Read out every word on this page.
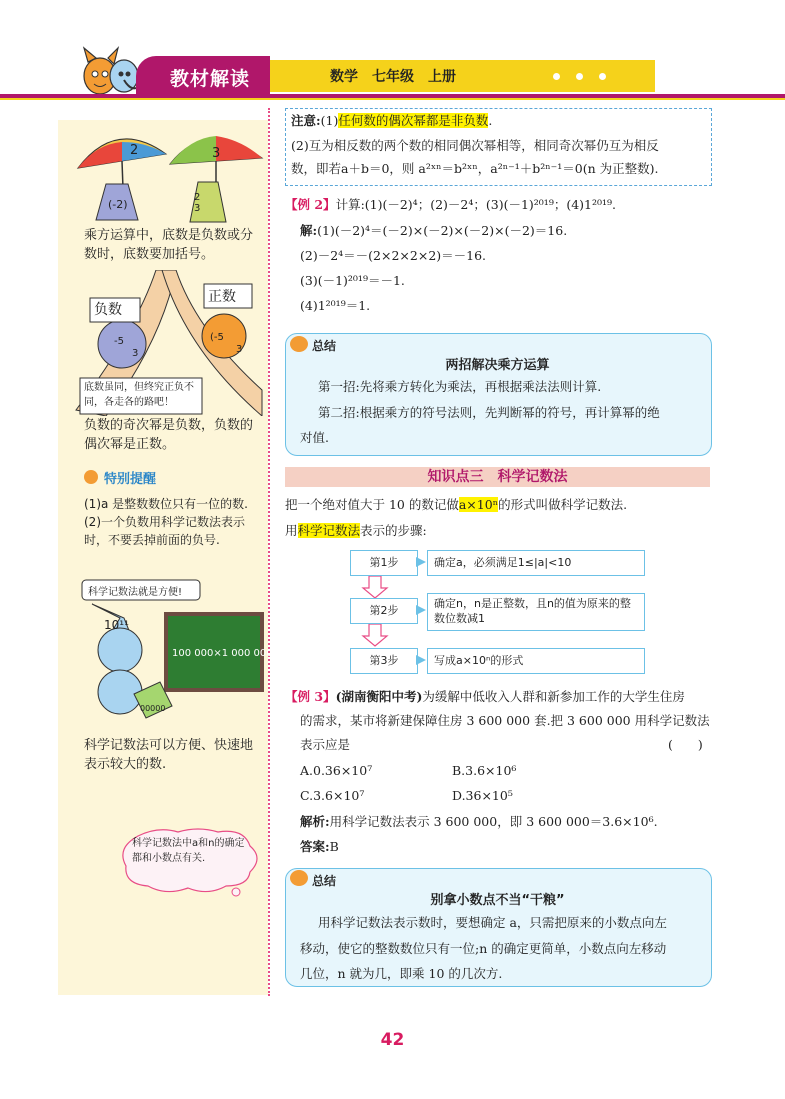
教材解读	数学　七年级　上册
2	3
(-2)
2
3
乘方运算中，底数是负数或分数时，底数要加括号。
负数
正数
-5
3
(-5
3
底数虽同，但终究正负不同，各走各的路吧！
负数的奇次幂是负数，负数的偶次幂是正数。
特别提醒
(1)a 是整数数位只有一位的数.
(2)一个负数用科学记数法表示时，不要丢掉前面的负号.
科学记数法就是方便!
10¹¹
100 000×1 000 000
00000
科学记数法可以方便、快速地表示较大的数.
科学记数法中a和n的确定都和小数点有关.
注意:(1)任何数的偶次幂都是非负数.
(2)互为相反数的两个数的相同偶次幂相等，相同奇次幂仍互为相反
数，即若a＋b＝0，则 a²ˣⁿ＝b²ˣⁿ，a²ⁿ⁻¹＋b²ⁿ⁻¹＝0(n 为正整数).
【例 2】计算:(1)(－2)⁴；(2)－2⁴；(3)(－1)²⁰¹⁹；(4)1²⁰¹⁹.
解:(1)(－2)⁴＝(－2)×(－2)×(－2)×(－2)＝16.
(2)－2⁴＝－(2×2×2×2)＝－16.
(3)(－1)²⁰¹⁹＝－1.
(4)1²⁰¹⁹＝1.
总结
两招解决乘方运算
第一招:先将乘方转化为乘法，再根据乘法法则计算.
第二招:根据乘方的符号法则，先判断幂的符号，再计算幂的绝
对值.
知识点三　科学记数法
把一个绝对值大于 10 的数记做a×10ⁿ的形式叫做科学记数法.
用科学记数法表示的步骤:
第1步	确定a，必须满足1≤|a|<10
第2步
确定n，n是正整数，且n的值为原来的整
数位数减1
第3步	写成a×10ⁿ的形式
【例 3】(湖南衡阳中考)为缓解中低收入人群和新参加工作的大学生住房
的需求，某市将新建保障住房 3 600 000 套.把 3 600 000 用科学记数法
表示应是	(　　)
A.0.36×10⁷	B.3.6×10⁶
C.3.6×10⁷	D.36×10⁵
解析:用科学记数法表示 3 600 000，即 3 600 000＝3.6×10⁶.
答案:B
总结
别拿小数点不当“干粮”
用科学记数法表示数时，要想确定 a，只需把原来的小数点向左
移动，使它的整数数位只有一位;n 的确定更简单，小数点向左移动
几位，n 就为几，即乘 10 的几次方.
42
